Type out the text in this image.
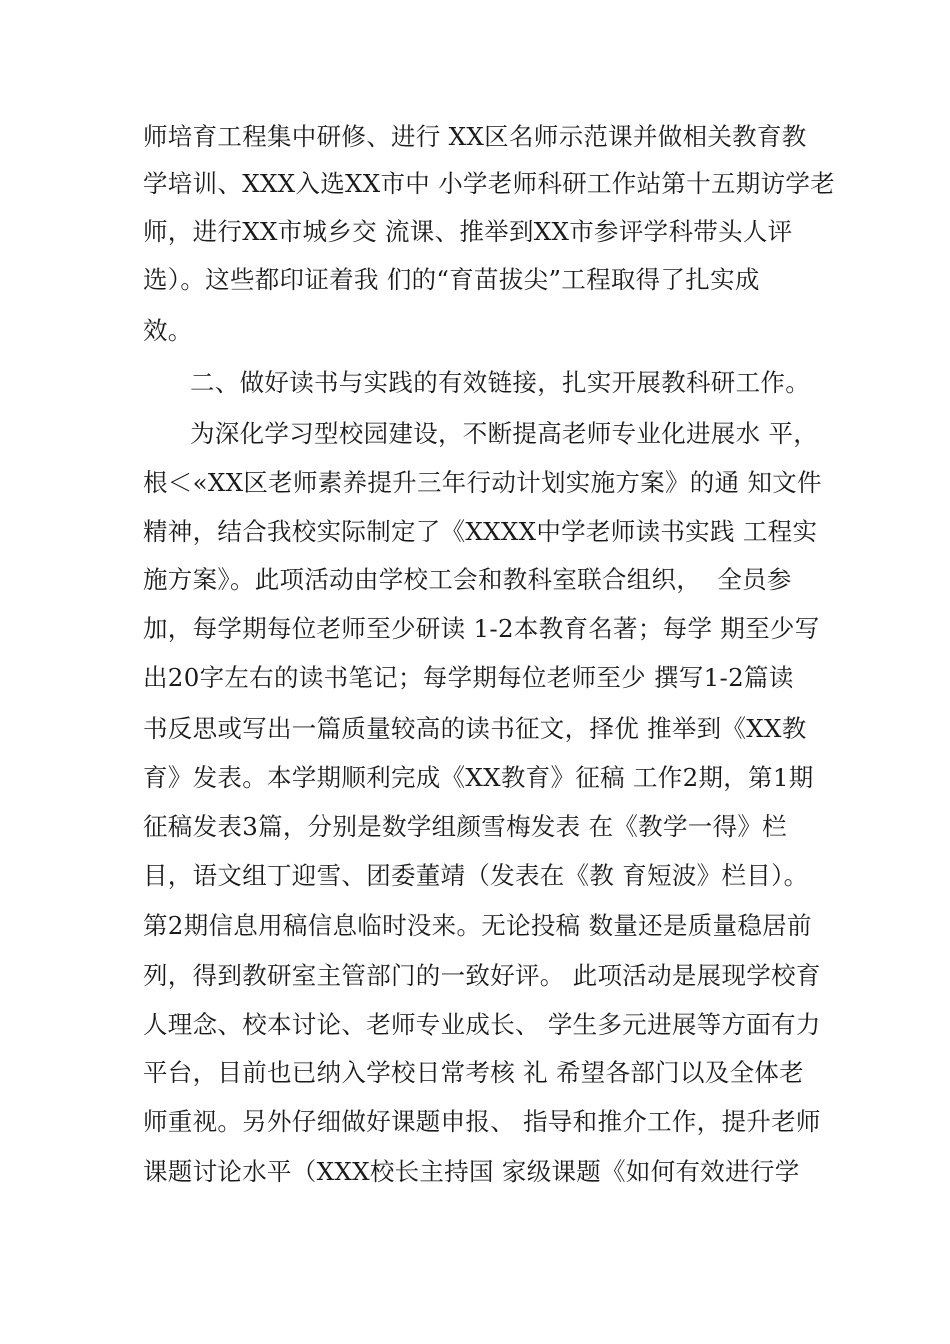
师培育工程集中研修、进行 XX区名师示范课并做相关教育教
学培训、XXX入选XX市中 小学老师科研工作站第十五期访学老
师，进行XX市城乡交 流课、推举到XX市参评学科带头人评
选）。这些都印证着我 们的“育苗拔尖”工程取得了扎实成
效。
二、做好读书与实践的有效链接，扎实开展教科研工作。
为深化学习型校园建设，不断提高老师专业化进展水 平，
根＜«XX区老师素养提升三年行动计划实施方案》的通 知文件
精神，结合我校实际制定了《XXXX中学老师读书实践 工程实
施方案》。此项活动由学校工会和教科室联合组织，  全员参
加，每学期每位老师至少研读 1-2本教育名著；每学 期至少写
出20字左右的读书笔记；每学期每位老师至少 撰写1-2篇读
书反思或写出一篇质量较高的读书征文，择优 推举到《XX教
育》发表。本学期顺利完成《XX教育》征稿 工作2期，第1期
征稿发表3篇，分别是数学组颜雪梅发表 在《教学一得》栏
目，语文组丁迎雪、团委董靖（发表在《教 育短波》栏目）。
第2期信息用稿信息临时没来。无论投稿 数量还是质量稳居前
列，得到教研室主管部门的一致好评。 此项活动是展现学校育
人理念、校本讨论、老师专业成长、 学生多元进展等方面有力
平台，目前也已纳入学校日常考核 礼 希望各部门以及全体老
师重视。另外仔细做好课题申报、 指导和推介工作，提升老师
课题讨论水平（XXX校长主持国 家级课题《如何有效进行学
